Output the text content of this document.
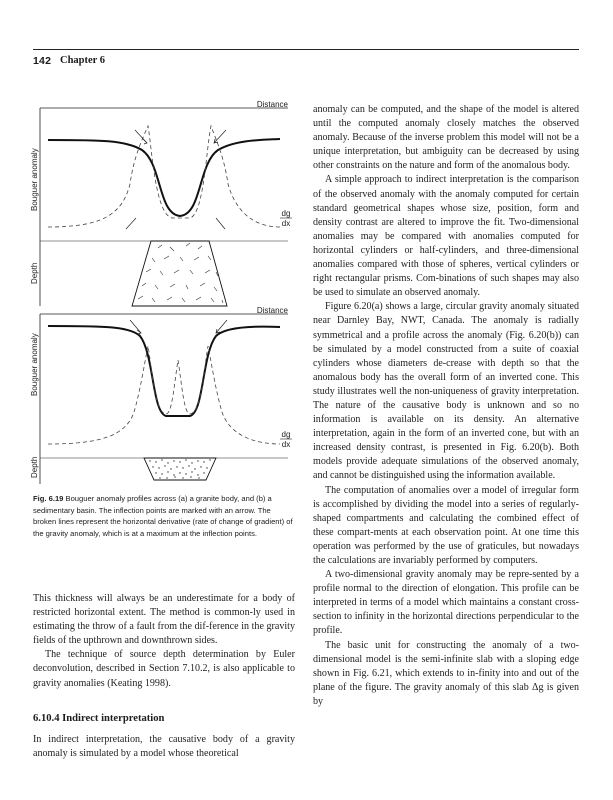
142 Chapter 6
Distance
Bouguer anomaly
Depth
dg
dx
Distance
Bouguer anomaly
Depth
dg
dx
Fig. 6.19 Bouguer anomaly profiles across (a) a granite body, and (b) a sedimentary basin. The inflection points are marked with an arrow. The broken lines represent the horizontal derivative (rate of change of gradient) of the gravity anomaly, which is at a maximum at the inflection points.

This thickness will always be an underestimate for a body of restricted horizontal extent. The method is common-ly used in estimating the throw of a fault from the dif-ference in the gravity fields of the upthrown and downthrown sides.

The technique of source depth determination by Euler deconvolution, described in Section 7.10.2, is also applicable to gravity anomalies (Keating 1998).

6.10.4 Indirect interpretation

In indirect interpretation, the causative body of a gravity anomaly is simulated by a model whose theoretical

anomaly can be computed, and the shape of the model is altered until the computed anomaly closely matches the observed anomaly. Because of the inverse problem this model will not be a unique interpretation, but ambiguity can be decreased by using other constraints on the nature and form of the anomalous body.

A simple approach to indirect interpretation is the comparison of the observed anomaly with the anomaly computed for certain standard geometrical shapes whose size, position, form and density contrast are altered to improve the fit. Two-dimensional anomalies may be compared with anomalies computed for horizontal cylinders or half-cylinders, and three-dimensional anomalies compared with those of spheres, vertical cylinders or right rectangular prisms. Com-binations of such shapes may also be used to simulate an observed anomaly.

Figure 6.20(a) shows a large, circular gravity anomaly situated near Darnley Bay, NWT, Canada. The anomaly is radially symmetrical and a profile across the anomaly (Fig. 6.20(b)) can be simulated by a model constructed from a suite of coaxial cylinders whose diameters de-crease with depth so that the anomalous body has the overall form of an inverted cone. This study illustrates well the non-uniqueness of gravity interpretation. The nature of the causative body is unknown and so no information is available on its density. An alternative interpretation, again in the form of an inverted cone, but with an increased density contrast, is presented in Fig. 6.20(b). Both models provide adequate simulations of the observed anomaly, and cannot be distinguished using the information available.

The computation of anomalies over a model of irregular form is accomplished by dividing the model into a series of regularly-shaped compartments and calculating the combined effect of these compart-ments at each observation point. At one time this operation was performed by the use of graticules, but nowadays the calculations are invariably performed by computers.

A two-dimensional gravity anomaly may be repre-sented by a profile normal to the direction of elongation. This profile can be interpreted in terms of a model which maintains a constant cross-section to infinity in the horizontal directions perpendicular to the profile.

The basic unit for constructing the anomaly of a two-dimensional model is the semi-infinite slab with a sloping edge shown in Fig. 6.21, which extends to in-finity into and out of the plane of the figure. The gravity anomaly of this slab Δg is given by
